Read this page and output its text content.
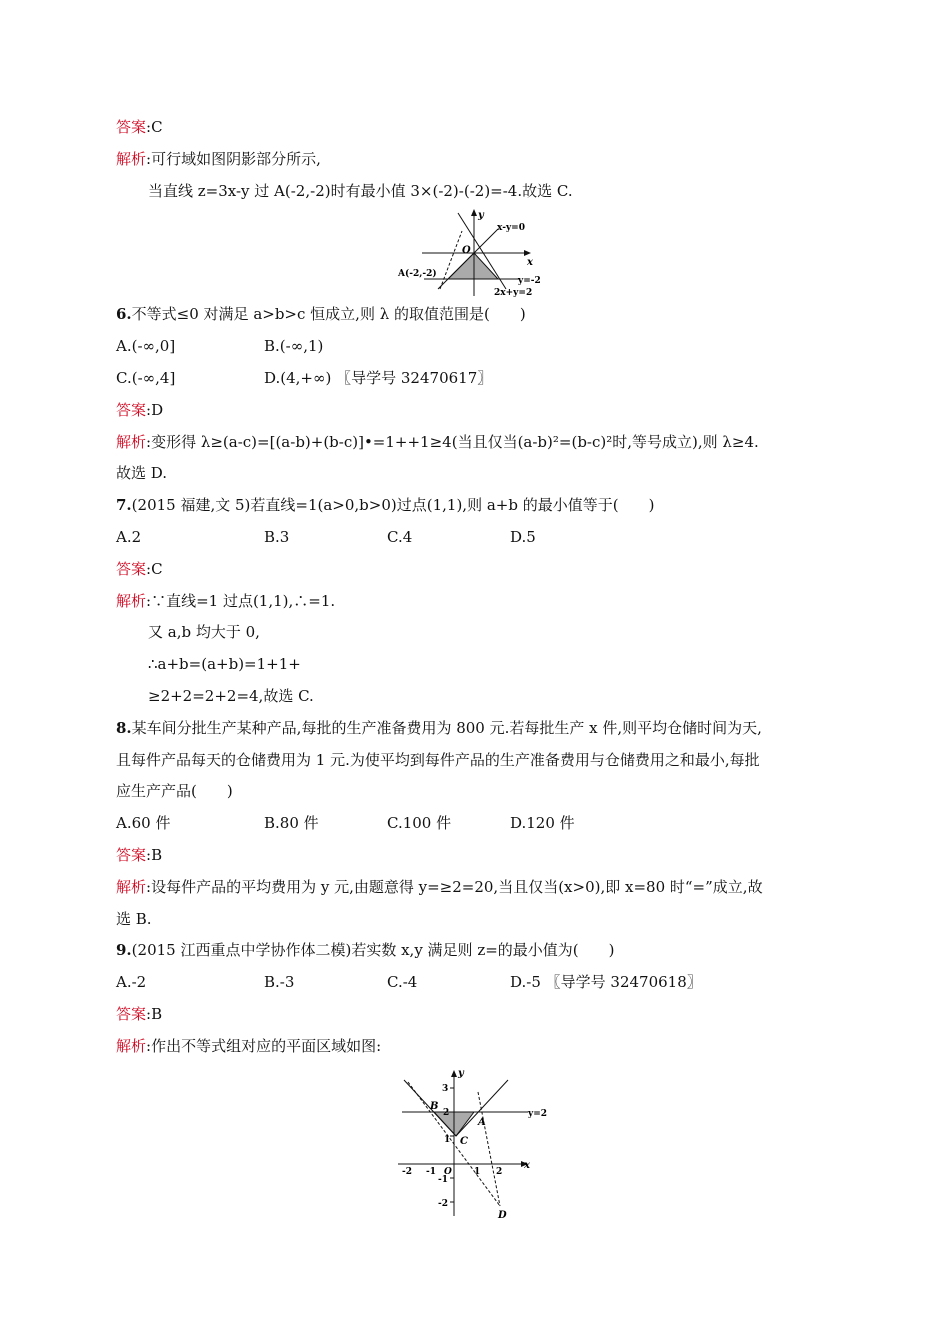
答案:C
解析:可行域如图阴影部分所示,
当直线 z=3x-y 过 A(-2,-2)时有最小值 3×(-2)-(-2)=-4.故选 C.
y
x
O
x-y=0
y=-2
2x+y=2
A(-2,-2)
6.不等式≤0 对满足 a>b>c 恒成立,则 λ 的取值范围是(　　)
A.(-∞,0]	B.(-∞,1)
C.(-∞,4]	D.(4,+∞) 〖导学号 32470617〗
答案:D
解析:变形得 λ≥(a-c)=[(a-b)+(b-c)]•=1++1≥4(当且仅当(a-b)²=(b-c)²时,等号成立),则 λ≥4.
故选 D.
7.(2015 福建,文 5)若直线=1(a>0,b>0)过点(1,1),则 a+b 的最小值等于(　　)
A.2	B.3	C.4	D.5
答案:C
解析:∵直线=1 过点(1,1),∴=1.
又 a,b 均大于 0,
∴a+b=(a+b)=1+1+
≥2+2=2+2=4,故选 C.
8.某车间分批生产某种产品,每批的生产准备费用为 800 元.若每批生产 x 件,则平均仓储时间为天,
且每件产品每天的仓储费用为 1 元.为使平均到每件产品的生产准备费用与仓储费用之和最小,每批
应生产产品(　　)
A.60 件	B.80 件	C.100 件	D.120 件
答案:B
解析:设每件产品的平均费用为 y 元,由题意得 y=≥2=20,当且仅当(x>0),即 x=80 时“=”成立,故
选 B.
9.(2015 江西重点中学协作体二模)若实数 x,y 满足则 z=的最小值为(　　)
A.-2	B.-3	C.-4	D.-5 〖导学号 32470618〗
答案:B
解析:作出不等式组对应的平面区域如图:
y
x
3
2
1
-1
-2
-2 -1 O 1 2
y=2
B
A
C
D
